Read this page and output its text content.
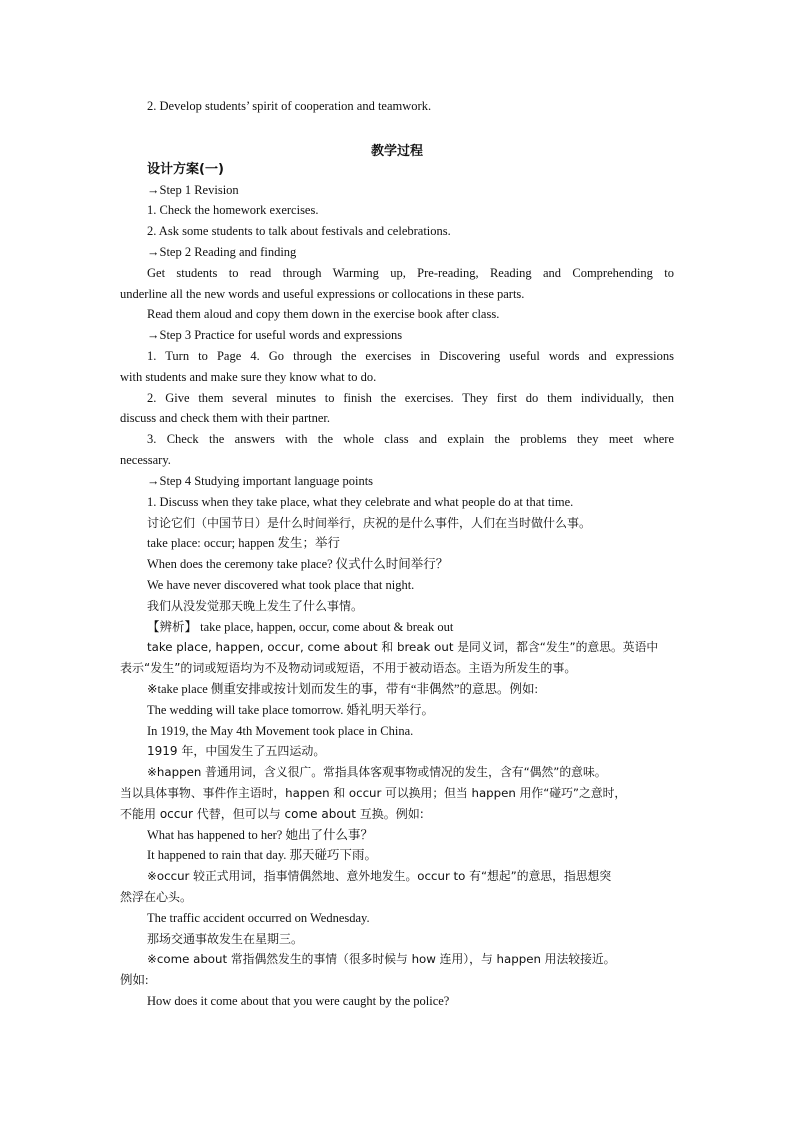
2. Develop students’ spirit of cooperation and teamwork.
教学过程
设计方案(一)
→Step 1 Revision
1. Check the homework exercises.
2. Ask some students to talk about festivals and celebrations.
→Step 2 Reading and finding
Get students to read through Warming up, Pre-reading, Reading and Comprehending to
underline all the new words and useful expressions or collocations in these parts.
Read them aloud and copy them down in the exercise book after class.
→Step 3 Practice for useful words and expressions
1. Turn to Page 4. Go through the exercises in Discovering useful words and expressions
with students and make sure they know what to do.
2. Give them several minutes to finish the exercises. They first do them individually, then
discuss and check them with their partner.
3. Check the answers with the whole class and explain the problems they meet where
necessary.
→Step 4 Studying important language points
1. Discuss when they take place, what they celebrate and what people do at that time.
讨论它们（中国节日）是什么时间举行，庆祝的是什么事件，人们在当时做什么事。
take place: occur; happen 发生；举行
When does the ceremony take place? 仪式什么时间举行？
We have never discovered what took place that night.
我们从没发觉那天晚上发生了什么事情。
【辨析】 take place, happen, occur, come about & break out
take place, happen, occur, come about 和 break out 是同义词，都含“发生”的意思。英语中
表示“发生”的词或短语均为不及物动词或短语，不用于被动语态。主语为所发生的事。
※take place 侧重安排或按计划而发生的事，带有“非偶然”的意思。例如:
The wedding will take place tomorrow. 婚礼明天举行。
In 1919, the May 4th Movement took place in China.
1919 年，中国发生了五四运动。
※happen 普通用词，含义很广。常指具体客观事物或情况的发生，含有“偶然”的意味。
当以具体事物、事件作主语时，happen 和 occur 可以换用；但当 happen 用作“碰巧”之意时，
不能用 occur 代替，但可以与 come about 互换。例如:
What has happened to her? 她出了什么事？
It happened to rain that day. 那天碰巧下雨。
※occur 较正式用词，指事情偶然地、意外地发生。occur to 有“想起”的意思，指思想突
然浮在心头。
The traffic accident occurred on Wednesday.
那场交通事故发生在星期三。
※come about 常指偶然发生的事情（很多时候与 how 连用），与 happen 用法较接近。
例如:
How does it come about that you were caught by the police?
